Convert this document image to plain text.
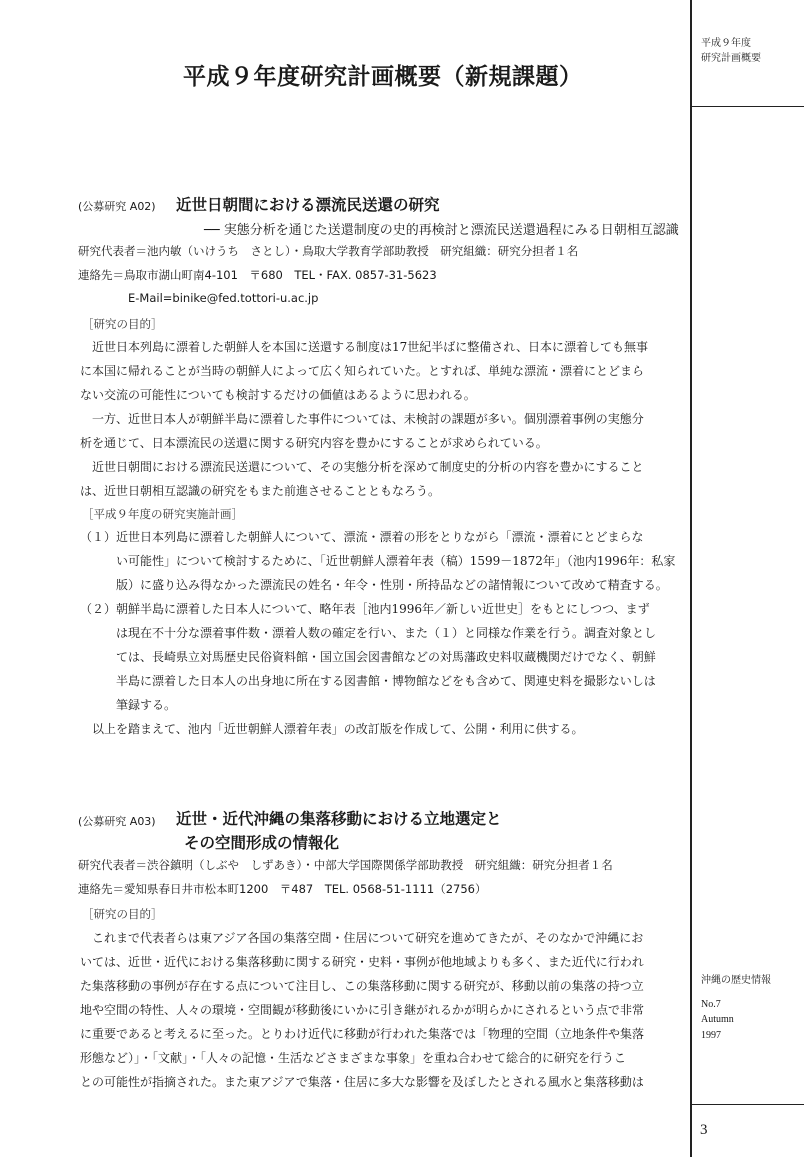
平成９年度
研究計画概要
沖縄の歴史情報
No.7
Autumn
1997
3
平成９年度研究計画概要（新規課題）
(公募研究 A02) 近世日朝間における漂流民送還の研究
── 実態分析を通じた送還制度の史的再検討と漂流民送還過程にみる日朝相互認識
研究代表者＝池内敏（いけうち　さとし）・鳥取大学教育学部助教授　研究組織：研究分担者１名
連絡先＝鳥取市湖山町南4-101　〒680　TEL・FAX. 0857-31-5623
E-Mail=binike@fed.tottori-u.ac.jp
［研究の目的］
　近世日本列島に漂着した朝鮮人を本国に送還する制度は17世紀半ばに整備され、日本に漂着しても無事
に本国に帰れることが当時の朝鮮人によって広く知られていた。とすれば、単純な漂流・漂着にとどまら
ない交流の可能性についても検討するだけの価値はあるように思われる。
　一方、近世日本人が朝鮮半島に漂着した事件については、未検討の課題が多い。個別漂着事例の実態分
析を通じて、日本漂流民の送還に関する研究内容を豊かにすることが求められている。
　近世日朝間における漂流民送還について、その実態分析を深めて制度史的分析の内容を豊かにすること
は、近世日朝相互認識の研究をもまた前進させることともなろう。
［平成９年度の研究実施計画］
（１）近世日本列島に漂着した朝鮮人について、漂流・漂着の形をとりながら「漂流・漂着にとどまらな
　　　い可能性」について検討するために、「近世朝鮮人漂着年表（稿）1599－1872年」（池内1996年：私家
　　　版）に盛り込み得なかった漂流民の姓名・年令・性別・所持品などの諸情報について改めて精査する。
（２）朝鮮半島に漂着した日本人について、略年表［池内1996年／新しい近世史］をもとにしつつ、まず
　　　は現在不十分な漂着事件数・漂着人数の確定を行い、また（１）と同様な作業を行う。調査対象とし
　　　ては、長崎県立対馬歴史民俗資料館・国立国会図書館などの対馬藩政史料収蔵機関だけでなく、朝鮮
　　　半島に漂着した日本人の出身地に所在する図書館・博物館などをも含めて、関連史料を撮影ないしは
　　　筆録する。
　以上を踏まえて、池内「近世朝鮮人漂着年表」の改訂版を作成して、公開・利用に供する。
(公募研究 A03) 近世・近代沖縄の集落移動における立地選定と
その空間形成の情報化
研究代表者＝渋谷鎮明（しぶや　しずあき）・中部大学国際関係学部助教授　研究組織：研究分担者１名
連絡先＝愛知県春日井市松本町1200　〒487　TEL. 0568-51-1111（2756）
［研究の目的］
　これまで代表者らは東アジア各国の集落空間・住居について研究を進めてきたが、そのなかで沖縄にお
いては、近世・近代における集落移動に関する研究・史料・事例が他地域よりも多く、また近代に行われ
た集落移動の事例が存在する点について注目し、この集落移動に関する研究が、移動以前の集落の持つ立
地や空間の特性、人々の環境・空間観が移動後にいかに引き継がれるかが明らかにされるという点で非常
に重要であると考えるに至った。とりわけ近代に移動が行われた集落では「物理的空間（立地条件や集落
形態など）」・「文献」・「人々の記憶・生活などさまざまな事象」を重ね合わせて総合的に研究を行うこ
との可能性が指摘された。また東アジアで集落・住居に多大な影響を及ぼしたとされる風水と集落移動は
